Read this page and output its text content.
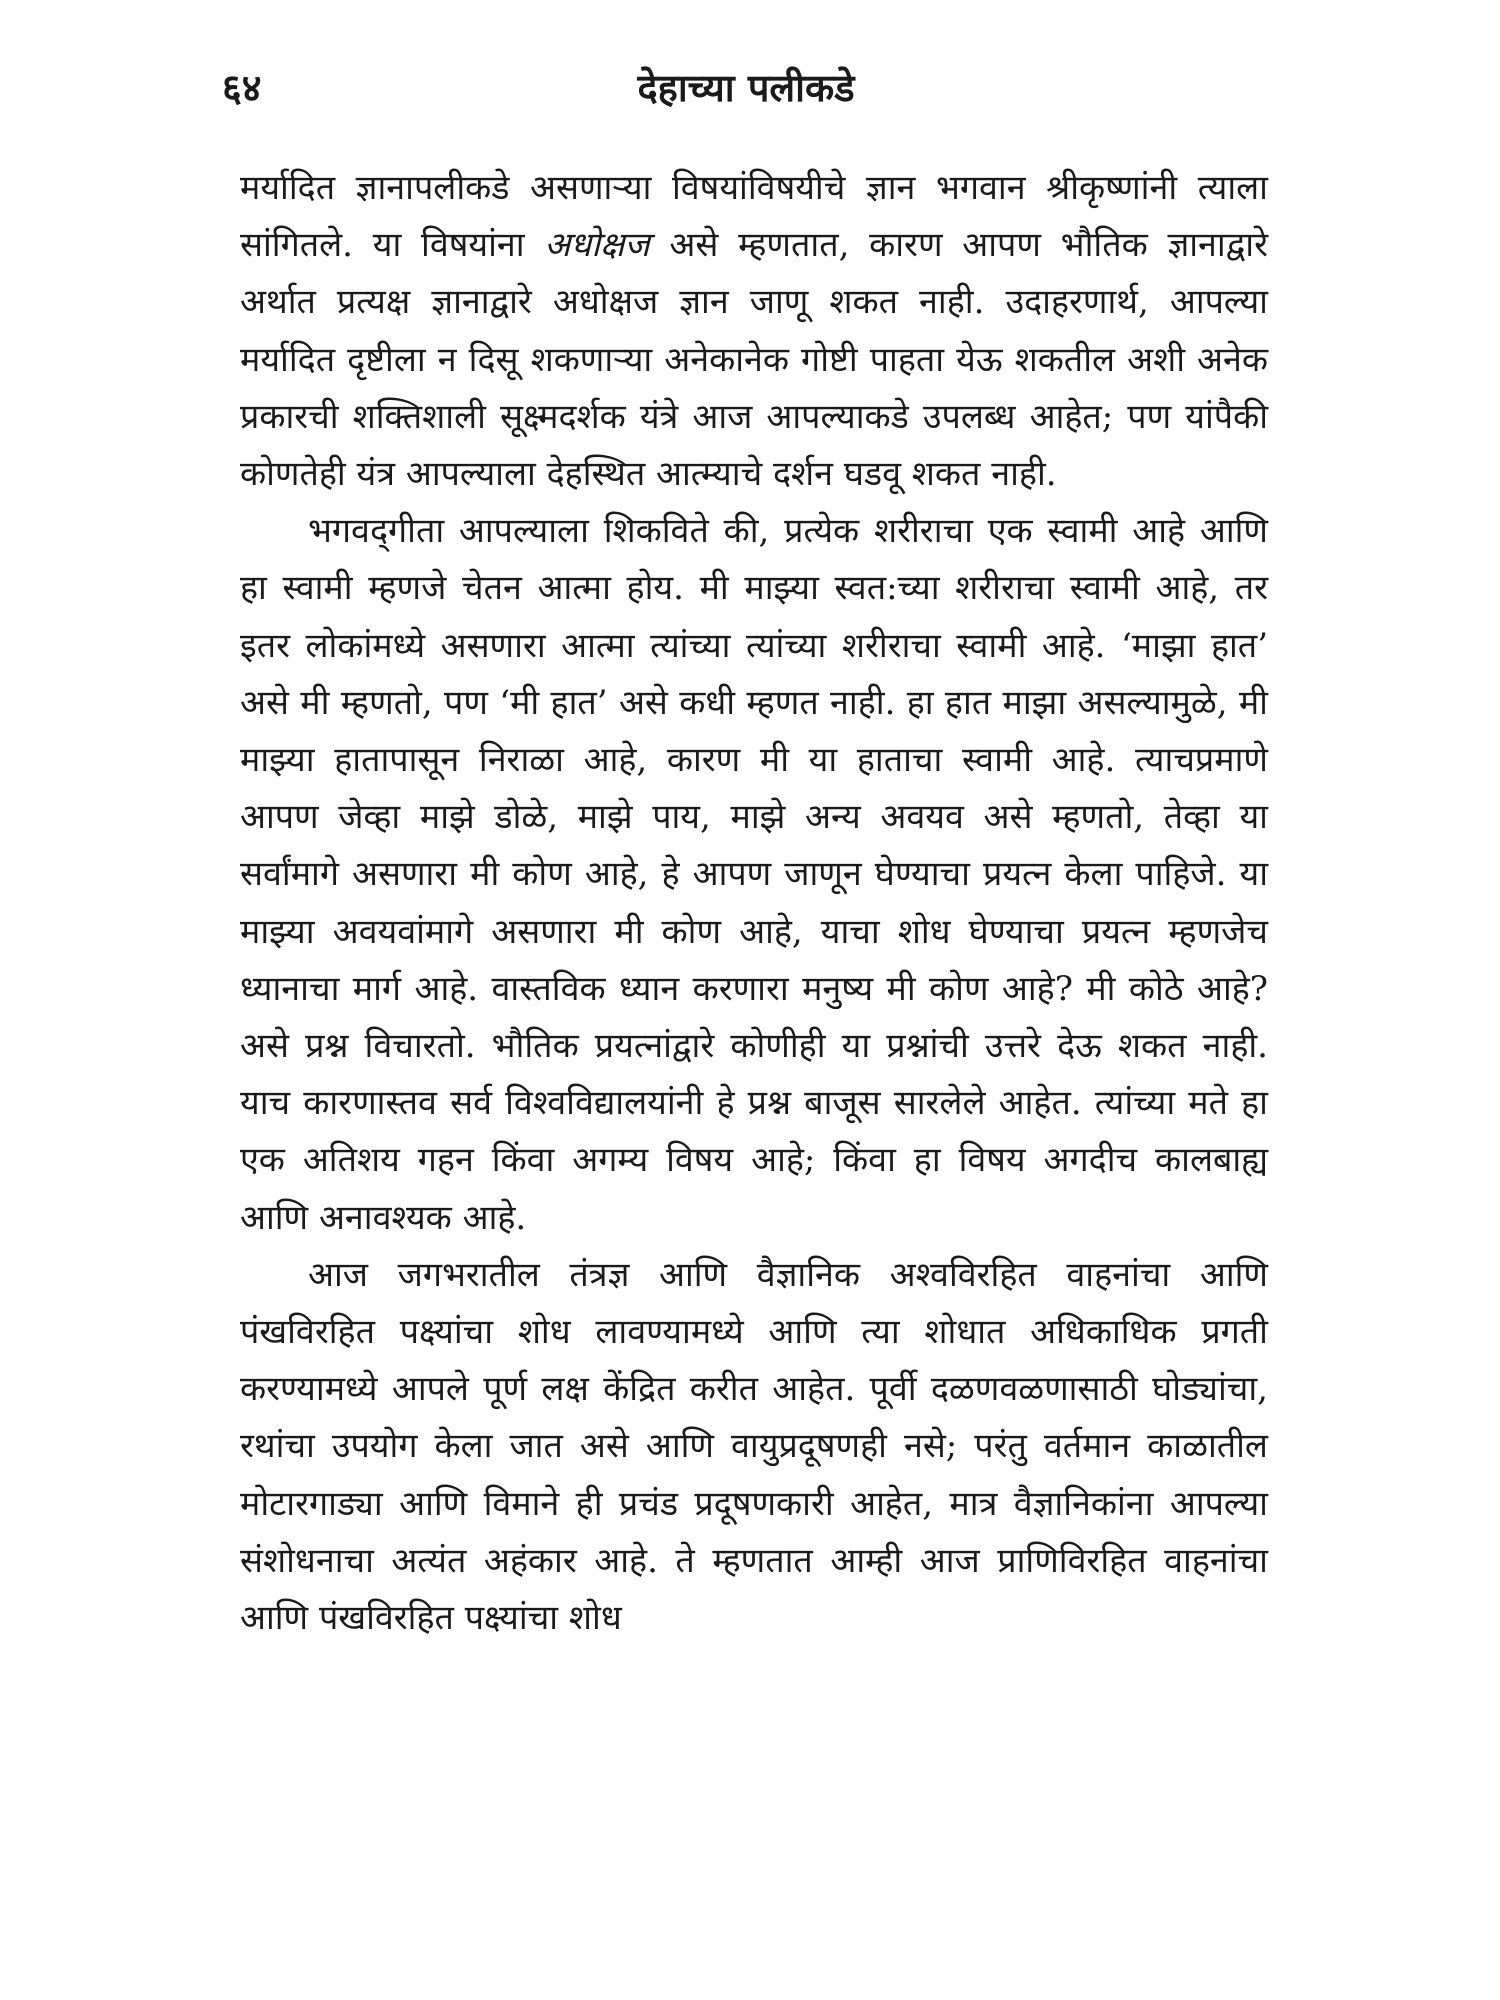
६४	देहाच्या पलीकडे

मर्यादित ज्ञानापलीकडे असणाऱ्या विषयांविषयीचे ज्ञान भगवान श्रीकृष्णांनी त्याला सांगितले. या विषयांना अधोक्षज असे म्हणतात, कारण आपण भौतिक ज्ञानाद्वारे अर्थात प्रत्यक्ष ज्ञानाद्वारे अधोक्षज ज्ञान जाणू शकत नाही. उदाहरणार्थ, आपल्या मर्यादित दृष्टीला न दिसू शकणाऱ्या अनेकानेक गोष्टी पाहता येऊ शकतील अशी अनेक प्रकारची शक्तिशाली सूक्ष्मदर्शक यंत्रे आज आपल्याकडे उपलब्ध आहेत; पण यांपैकी कोणतेही यंत्र आपल्याला देहस्थित आत्म्याचे दर्शन घडवू शकत नाही.

भगवद्‌गीता आपल्याला शिकविते की, प्रत्येक शरीराचा एक स्वामी आहे आणि हा स्वामी म्हणजे चेतन आत्मा होय. मी माझ्या स्वत:च्या शरीराचा स्वामी आहे, तर इतर लोकांमध्ये असणारा आत्मा त्यांच्या त्यांच्या शरीराचा स्वामी आहे. ‘माझा हात’ असे मी म्हणतो, पण ‘मी हात’ असे कधी म्हणत नाही. हा हात माझा असल्यामुळे, मी माझ्या हातापासून निराळा आहे, कारण मी या हाताचा स्वामी आहे. त्याचप्रमाणे आपण जेव्हा माझे डोळे, माझे पाय, माझे अन्य अवयव असे म्हणतो, तेव्हा या सर्वांमागे असणारा मी कोण आहे, हे आपण जाणून घेण्याचा प्रयत्न केला पाहिजे. या माझ्या अवयवांमागे असणारा मी कोण आहे, याचा शोध घेण्याचा प्रयत्न म्हणजेच ध्यानाचा मार्ग आहे. वास्तविक ध्यान करणारा मनुष्य मी कोण आहे? मी कोठे आहे? असे प्रश्न विचारतो. भौतिक प्रयत्नांद्वारे कोणीही या प्रश्नांची उत्तरे देऊ शकत नाही. याच कारणास्तव सर्व विश्वविद्यालयांनी हे प्रश्न बाजूस सारलेले आहेत. त्यांच्या मते हा एक अतिशय गहन किंवा अगम्य विषय आहे; किंवा हा विषय अगदीच कालबाह्य आणि अनावश्यक आहे.

आज जगभरातील तंत्रज्ञ आणि वैज्ञानिक अश्वविरहित वाहनांचा आणि पंखविरहित पक्ष्यांचा शोध लावण्यामध्ये आणि त्या शोधात अधिकाधिक प्रगती करण्यामध्ये आपले पूर्ण लक्ष केंद्रित करीत आहेत. पूर्वी दळणवळणासाठी घोड्यांचा, रथांचा उपयोग केला जात असे आणि वायुप्रदूषणही नसे; परंतु वर्तमान काळातील मोटारगाड्या आणि विमाने ही प्रचंड प्रदूषणकारी आहेत, मात्र वैज्ञानिकांना आपल्या संशोधनाचा अत्यंत अहंकार आहे. ते म्हणतात आम्ही आज प्राणिविरहित वाहनांचा आणि पंखविरहित पक्ष्यांचा शोध
